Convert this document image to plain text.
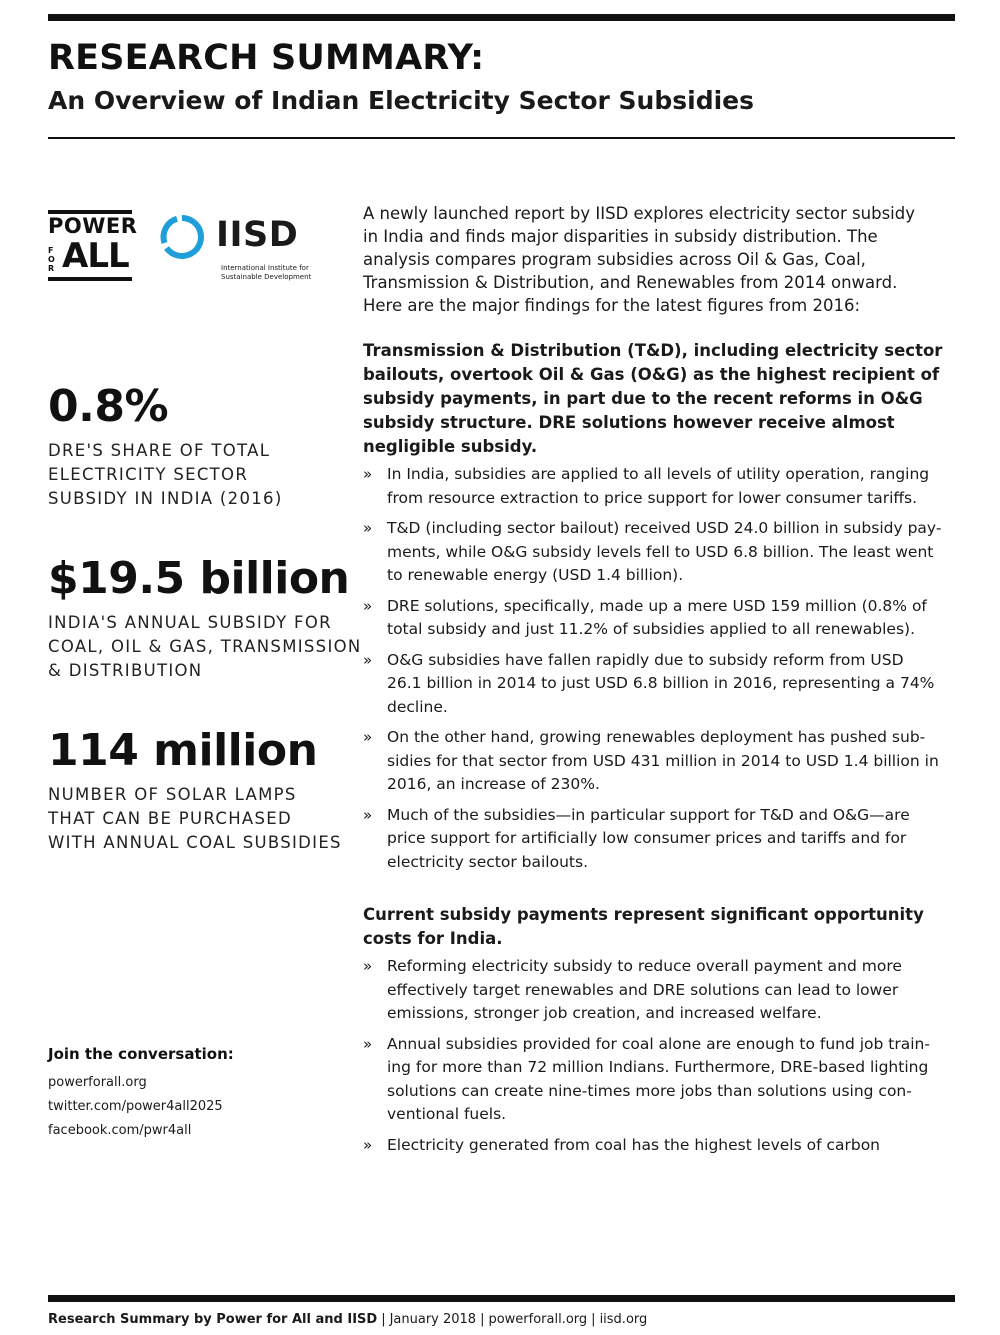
RESEARCH SUMMARY:
An Overview of Indian Electricity Sector Subsidies
POWER
FOR ALL
IISD
International Institute for
Sustainable Development
0.8%
DRE'S SHARE OF TOTAL
ELECTRICITY SECTOR
SUBSIDY IN INDIA (2016)
$19.5 billion
INDIA'S ANNUAL SUBSIDY FOR
COAL, OIL & GAS, TRANSMISSION
& DISTRIBUTION
114 million
NUMBER OF SOLAR LAMPS
THAT CAN BE PURCHASED
WITH ANNUAL COAL SUBSIDIES
Join the conversation:
powerforall.org
twitter.com/power4all2025
facebook.com/pwr4all
A newly launched report by IISD explores electricity sector subsidy
in India and finds major disparities in subsidy distribution. The
analysis compares program subsidies across Oil & Gas, Coal,
Transmission & Distribution, and Renewables from 2014 onward.
Here are the major findings for the latest figures from 2016:
Transmission & Distribution (T&D), including electricity sector
bailouts, overtook Oil & Gas (O&G) as the highest recipient of
subsidy payments, in part due to the recent reforms in O&G
subsidy structure. DRE solutions however receive almost
negligible subsidy.
» In India, subsidies are applied to all levels of utility operation, ranging
from resource extraction to price support for lower consumer tariffs.
» T&D (including sector bailout) received USD 24.0 billion in subsidy pay-
ments, while O&G subsidy levels fell to USD 6.8 billion. The least went
to renewable energy (USD 1.4 billion).
» DRE solutions, specifically, made up a mere USD 159 million (0.8% of
total subsidy and just 11.2% of subsidies applied to all renewables).
» O&G subsidies have fallen rapidly due to subsidy reform from USD
26.1 billion in 2014 to just USD 6.8 billion in 2016, representing a 74%
decline.
» On the other hand, growing renewables deployment has pushed sub-
sidies for that sector from USD 431 million in 2014 to USD 1.4 billion in
2016, an increase of 230%.
» Much of the subsidies—in particular support for T&D and O&G—are
price support for artificially low consumer prices and tariffs and for
electricity sector bailouts.
Current subsidy payments represent significant opportunity
costs for India.
» Reforming electricity subsidy to reduce overall payment and more
effectively target renewables and DRE solutions can lead to lower
emissions, stronger job creation, and increased welfare.
» Annual subsidies provided for coal alone are enough to fund job train-
ing for more than 72 million Indians. Furthermore, DRE-based lighting
solutions can create nine-times more jobs than solutions using con-
ventional fuels.
» Electricity generated from coal has the highest levels of carbon
Research Summary by Power for All and IISD | January 2018 | powerforall.org | iisd.org
